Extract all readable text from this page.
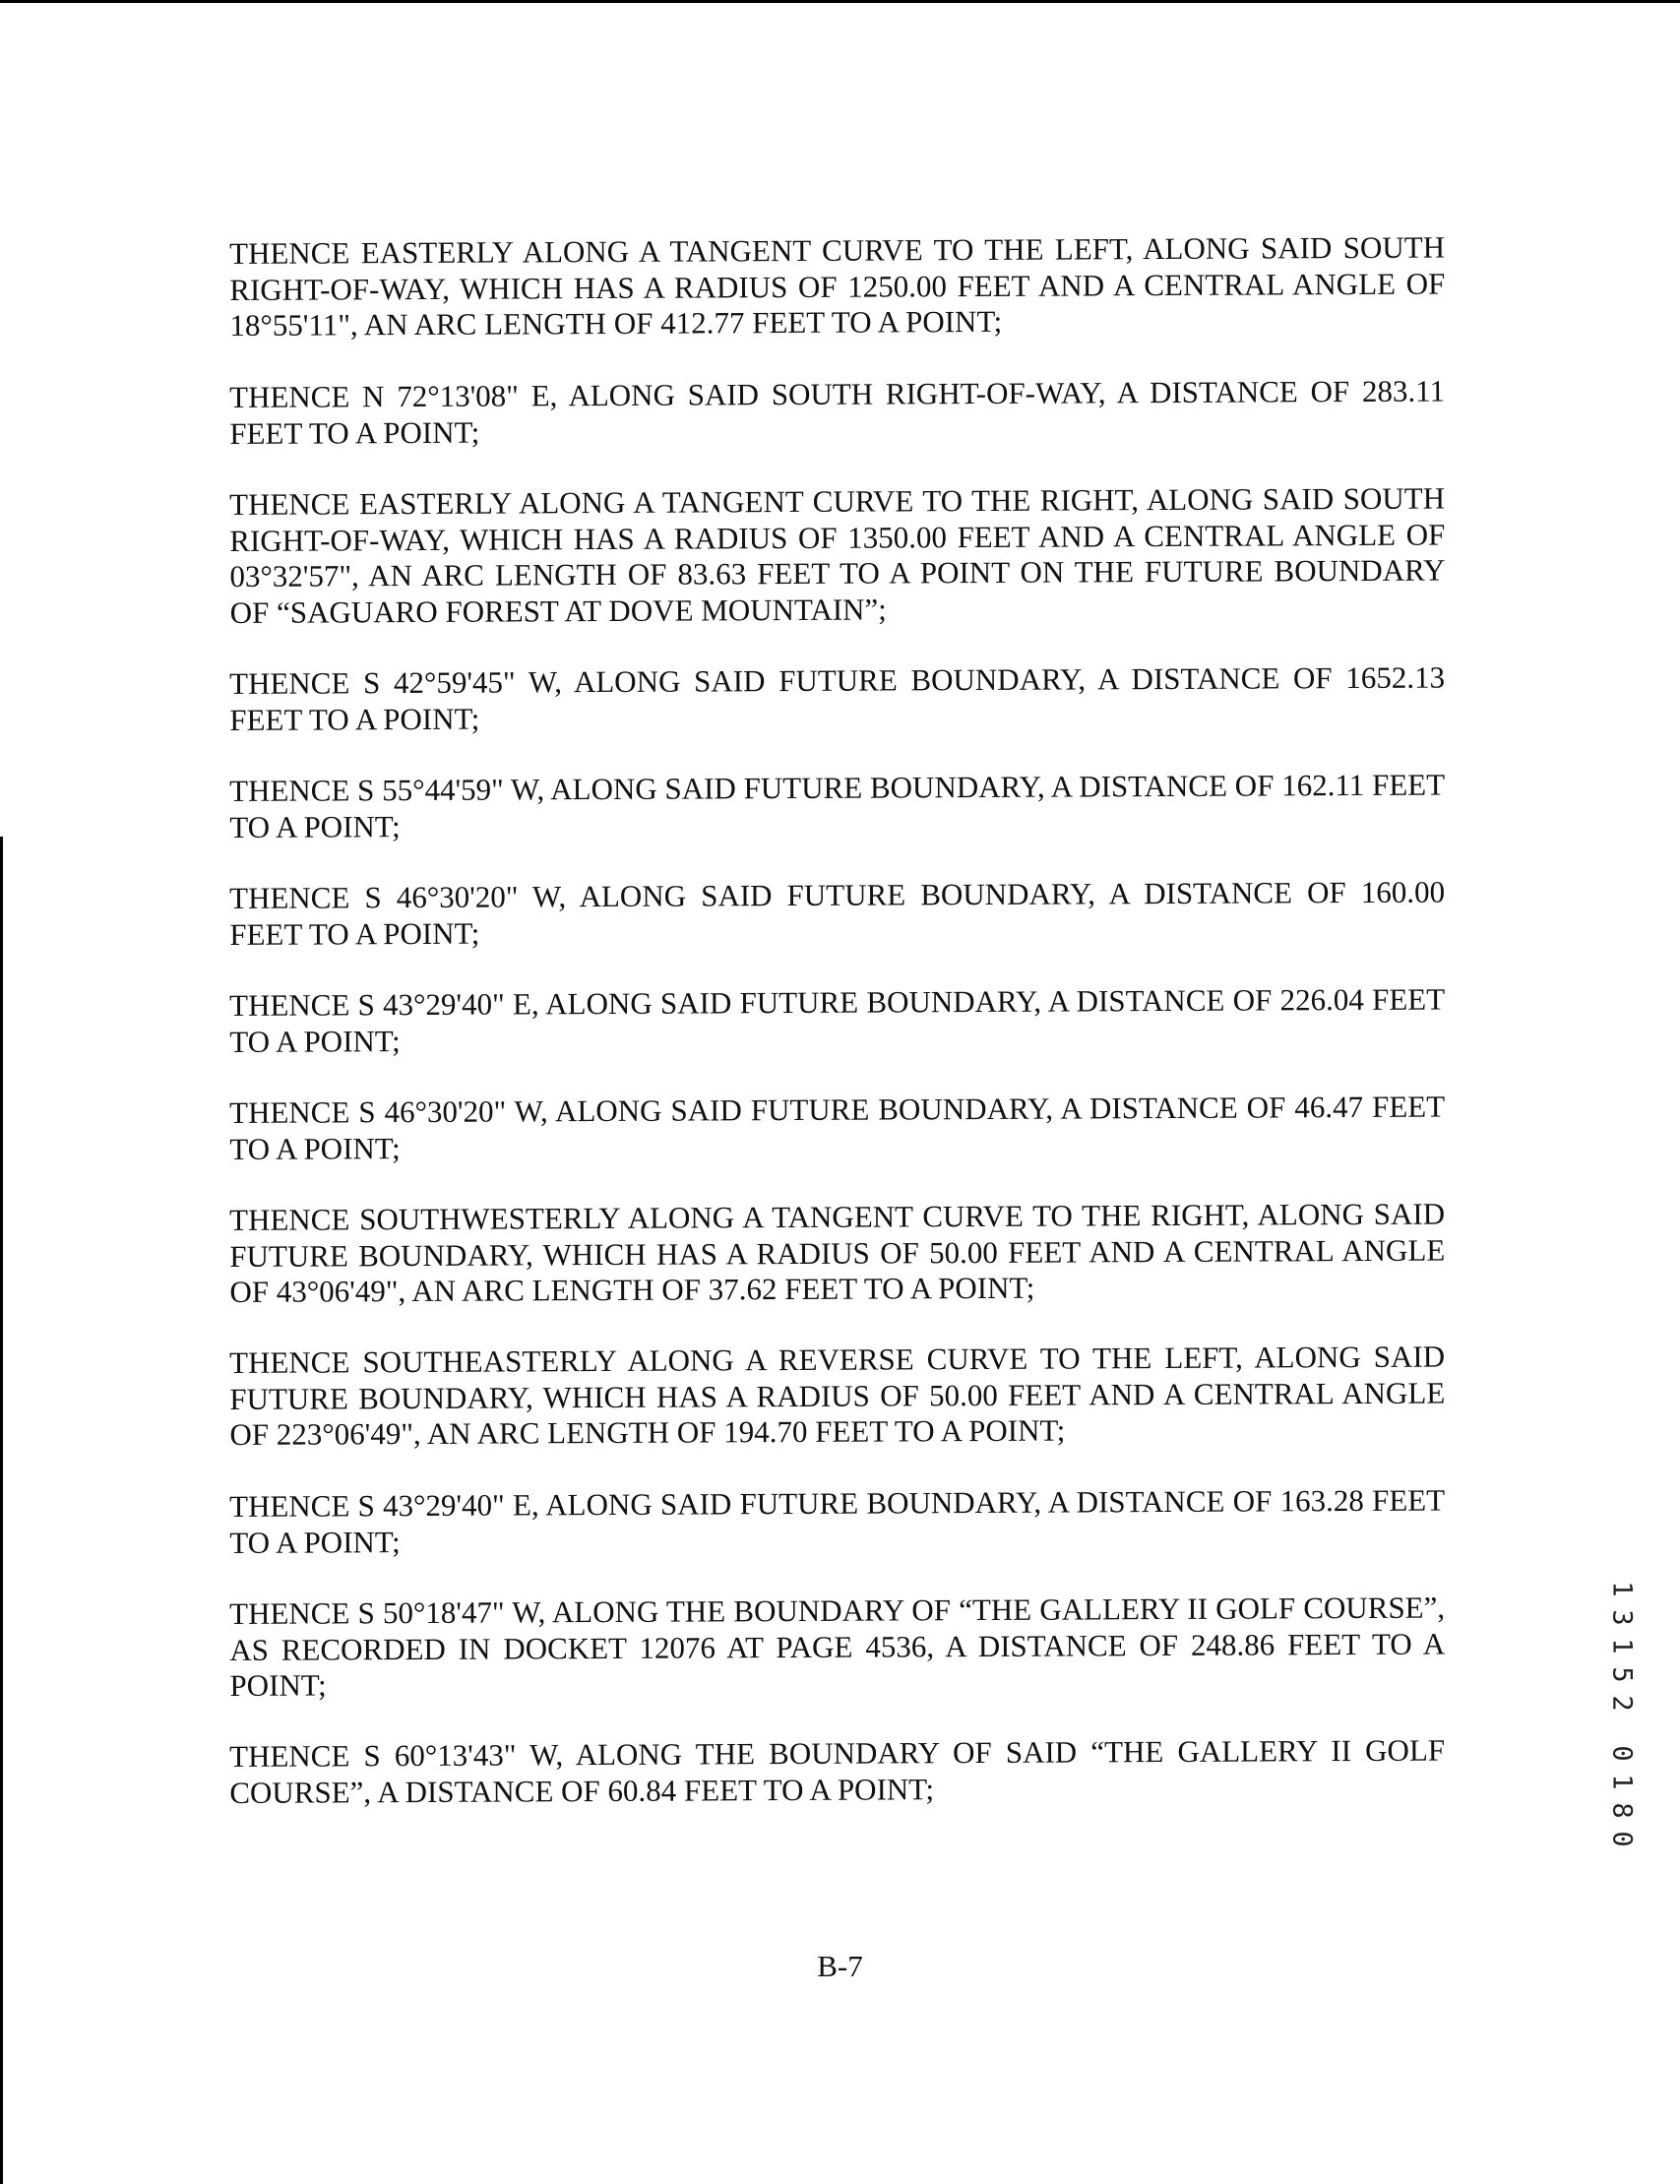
THENCE EASTERLY ALONG A TANGENT CURVE TO THE LEFT, ALONG SAID SOUTH RIGHT-OF-WAY, WHICH HAS A RADIUS OF 1250.00 FEET AND A CENTRAL ANGLE OF 18°55'11", AN ARC LENGTH OF 412.77 FEET TO A POINT;

THENCE N 72°13'08" E, ALONG SAID SOUTH RIGHT-OF-WAY, A DISTANCE OF 283.11 FEET TO A POINT;

THENCE EASTERLY ALONG A TANGENT CURVE TO THE RIGHT, ALONG SAID SOUTH RIGHT-OF-WAY, WHICH HAS A RADIUS OF 1350.00 FEET AND A CENTRAL ANGLE OF 03°32'57", AN ARC LENGTH OF 83.63 FEET TO A POINT ON THE FUTURE BOUNDARY OF “SAGUARO FOREST AT DOVE MOUNTAIN”;

THENCE S 42°59'45" W, ALONG SAID FUTURE BOUNDARY, A DISTANCE OF 1652.13 FEET TO A POINT;

THENCE S 55°44'59" W, ALONG SAID FUTURE BOUNDARY, A DISTANCE OF 162.11 FEET TO A POINT;

THENCE S 46°30'20" W, ALONG SAID FUTURE BOUNDARY, A DISTANCE OF 160.00 FEET TO A POINT;

THENCE S 43°29'40" E, ALONG SAID FUTURE BOUNDARY, A DISTANCE OF 226.04 FEET TO A POINT;

THENCE S 46°30'20" W, ALONG SAID FUTURE BOUNDARY, A DISTANCE OF 46.47 FEET TO A POINT;

THENCE SOUTHWESTERLY ALONG A TANGENT CURVE TO THE RIGHT, ALONG SAID FUTURE BOUNDARY, WHICH HAS A RADIUS OF 50.00 FEET AND A CENTRAL ANGLE OF 43°06'49", AN ARC LENGTH OF 37.62 FEET TO A POINT;

THENCE SOUTHEASTERLY ALONG A REVERSE CURVE TO THE LEFT, ALONG SAID FUTURE BOUNDARY, WHICH HAS A RADIUS OF 50.00 FEET AND A CENTRAL ANGLE OF 223°06'49", AN ARC LENGTH OF 194.70 FEET TO A POINT;

THENCE S 43°29'40" E, ALONG SAID FUTURE BOUNDARY, A DISTANCE OF 163.28 FEET TO A POINT;

THENCE S 50°18'47" W, ALONG THE BOUNDARY OF “THE GALLERY II GOLF COURSE”, AS RECORDED IN DOCKET 12076 AT PAGE 4536, A DISTANCE OF 248.86 FEET TO A POINT;

THENCE S 60°13'43" W, ALONG THE BOUNDARY OF SAID “THE GALLERY II GOLF COURSE”, A DISTANCE OF 60.84 FEET TO A POINT;

B-7
1
3
1
5
2
0
1
8
0
